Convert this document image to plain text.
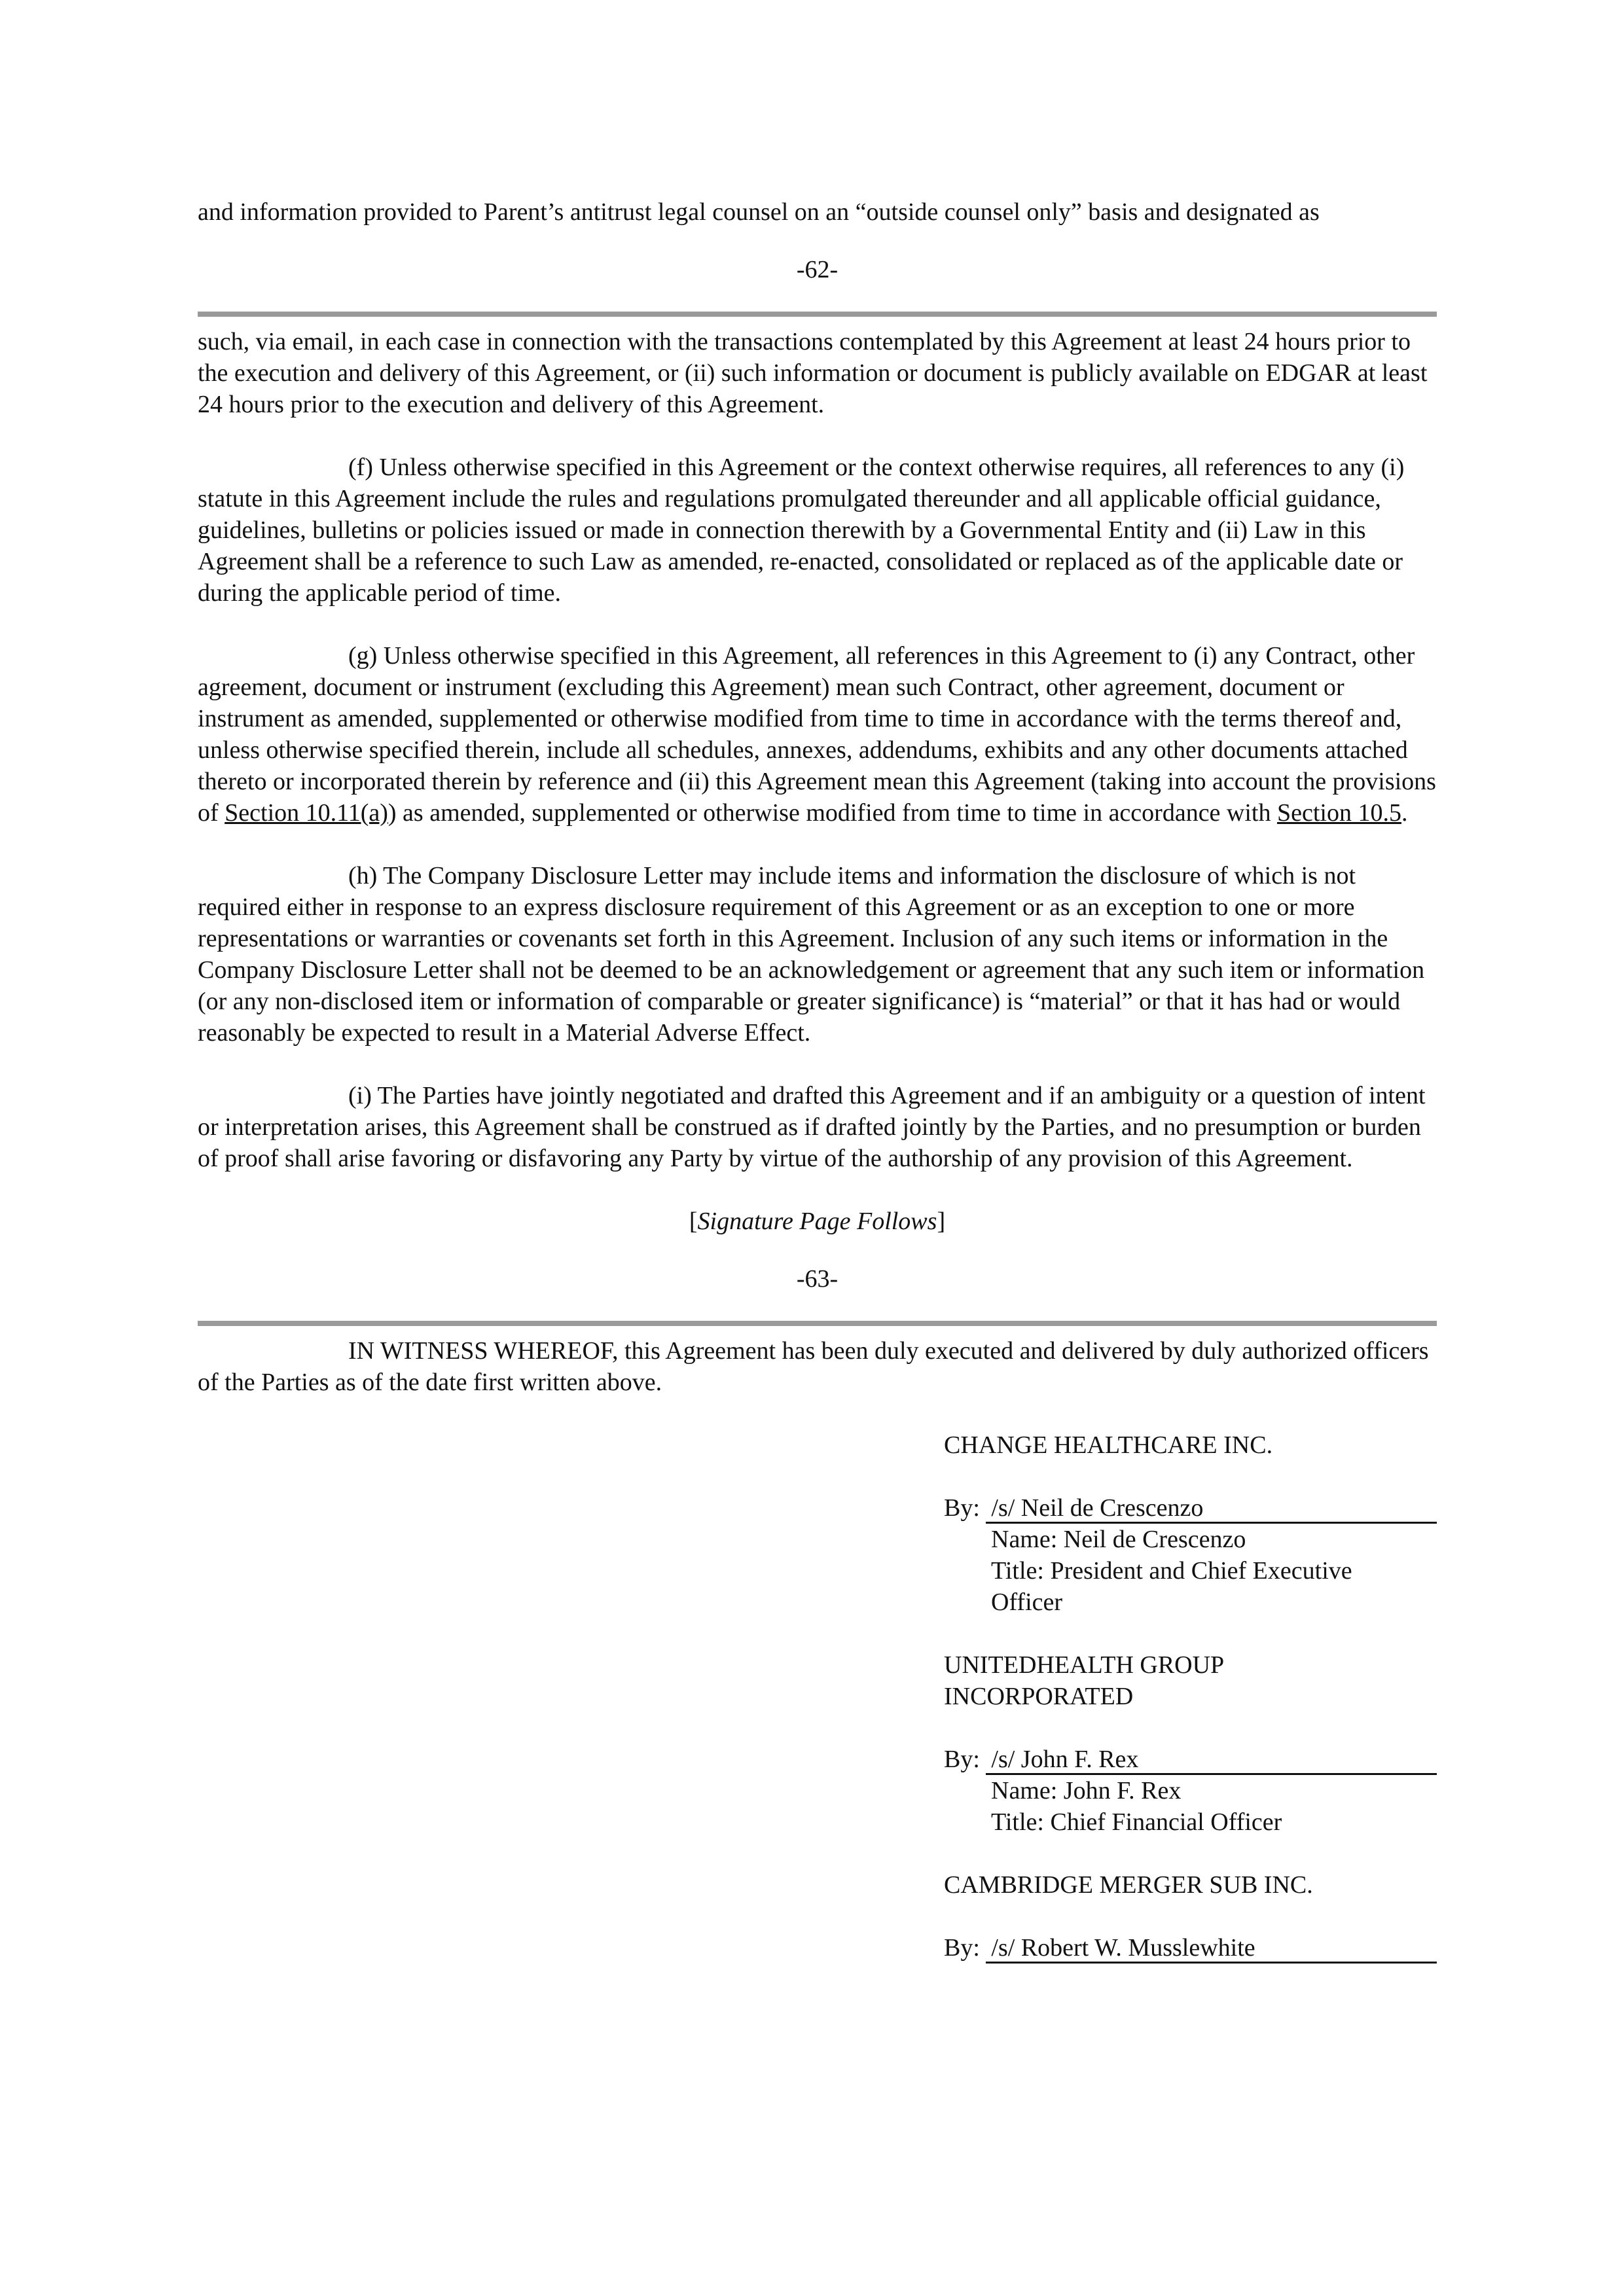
and information provided to Parent’s antitrust legal counsel on an “outside counsel only” basis and designated as

-62-

such, via email, in each case in connection with the transactions contemplated by this Agreement at least 24 hours prior to the execution and delivery of this Agreement, or (ii) such information or document is publicly available on EDGAR at least 24 hours prior to the execution and delivery of this Agreement.

(f) Unless otherwise specified in this Agreement or the context otherwise requires, all references to any (i) statute in this Agreement include the rules and regulations promulgated thereunder and all applicable official guidance, guidelines, bulletins or policies issued or made in connection therewith by a Governmental Entity and (ii) Law in this Agreement shall be a reference to such Law as amended, re-enacted, consolidated or replaced as of the applicable date or during the applicable period of time.

(g) Unless otherwise specified in this Agreement, all references in this Agreement to (i) any Contract, other agreement, document or instrument (excluding this Agreement) mean such Contract, other agreement, document or instrument as amended, supplemented or otherwise modified from time to time in accordance with the terms thereof and, unless otherwise specified therein, include all schedules, annexes, addendums, exhibits and any other documents attached thereto or incorporated therein by reference and (ii) this Agreement mean this Agreement (taking into account the provisions of Section 10.11(a)) as amended, supplemented or otherwise modified from time to time in accordance with Section 10.5.

(h) The Company Disclosure Letter may include items and information the disclosure of which is not required either in response to an express disclosure requirement of this Agreement or as an exception to one or more representations or warranties or covenants set forth in this Agreement. Inclusion of any such items or information in the Company Disclosure Letter shall not be deemed to be an acknowledgement or agreement that any such item or information (or any non-disclosed item or information of comparable or greater significance) is “material” or that it has had or would reasonably be expected to result in a Material Adverse Effect.

(i) The Parties have jointly negotiated and drafted this Agreement and if an ambiguity or a question of intent or interpretation arises, this Agreement shall be construed as if drafted jointly by the Parties, and no presumption or burden of proof shall arise favoring or disfavoring any Party by virtue of the authorship of any provision of this Agreement.

[Signature Page Follows]
-63-

IN WITNESS WHEREOF, this Agreement has been duly executed and delivered by duly authorized officers of the Parties as of the date first written above.

CHANGE HEALTHCARE INC.
By: /s/ Neil de Crescenzo
Name: Neil de Crescenzo
Title: President and Chief Executive Officer
UNITEDHEALTH GROUP INCORPORATED
By: /s/ John F. Rex
Name: John F. Rex
Title: Chief Financial Officer
CAMBRIDGE MERGER SUB INC.
By: /s/ Robert W. Musslewhite
